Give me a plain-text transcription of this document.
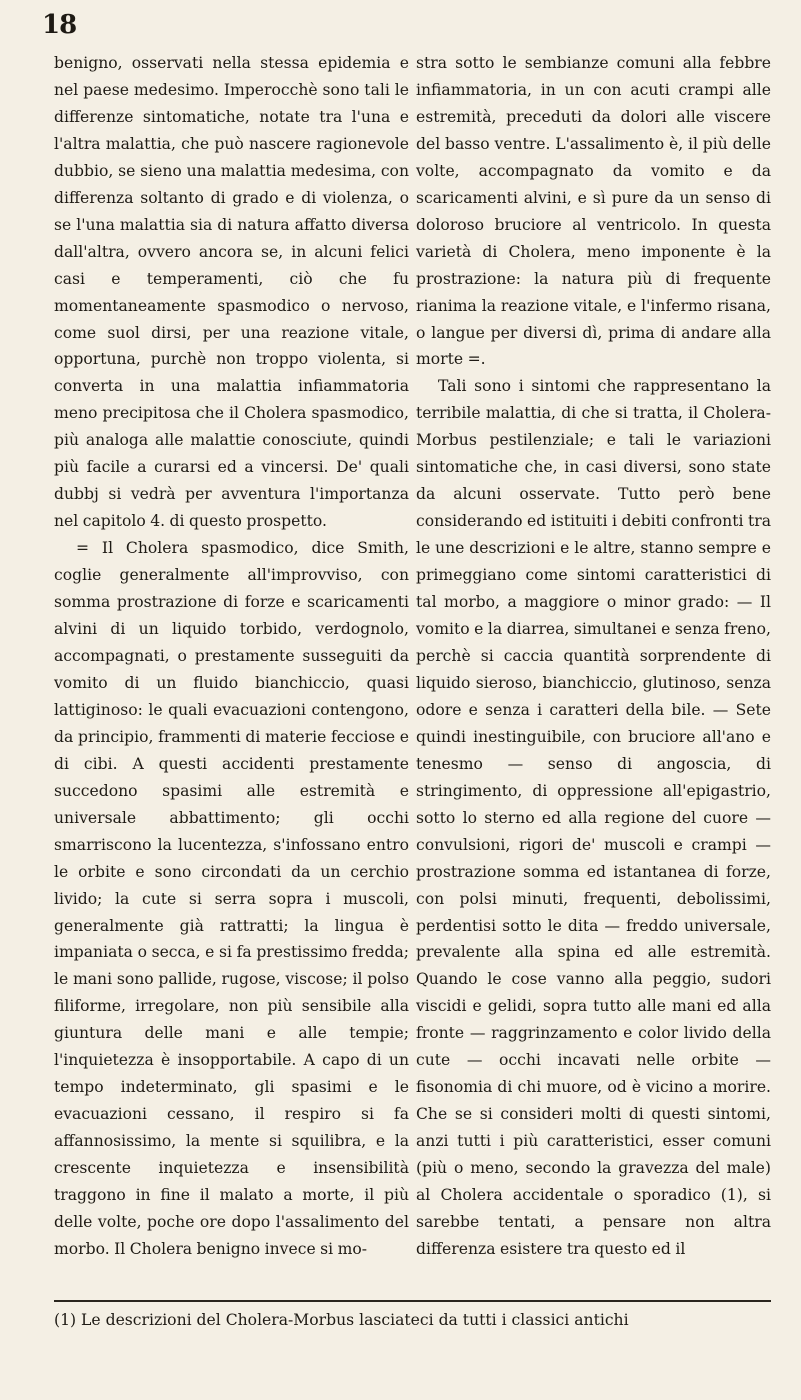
18

benigno, osservati nella stessa epidemia e nel paese medesimo. Imperocchè sono tali le differenze sintomatiche, notate tra l'una e l'altra malattia, che può nascere ragionevole dubbio, se sieno una malattia medesima, con differenza soltanto di grado e di violenza, o se l'una malattia sia di natura affatto diversa dall'altra, ovvero ancora se, in alcuni felici casi e temperamenti, ciò che fu momentaneamente spasmodico o nervoso, come suol dirsi, per una reazione vitale, opportuna, purchè non troppo violenta, si converta in una malattia infiammatoria meno precipitosa che il Cholera spasmodico, più analoga alle malattie conosciute, quindi più facile a curarsi ed a vincersi. De' quali dubbj si vedrà per avventura l'importanza nel capitolo 4. di questo prospetto.

= Il Cholera spasmodico, dice Smith, coglie generalmente all'improvviso, con somma prostrazione di forze e scaricamenti alvini di un liquido torbido, verdognolo, accompagnati, o prestamente susseguiti da vomito di un fluido bianchiccio, quasi lattiginoso: le quali evacuazioni contengono, da principio, frammenti di materie fecciose e di cibi. A questi accidenti prestamente succedono spasimi alle estremità e universale abbattimento; gli occhi smarriscono la lucentezza, s'infossano entro le orbite e sono circondati da un cerchio livido; la cute si serra sopra i muscoli, generalmente già rattratti; la lingua è impaniata o secca, e si fa prestissimo fredda; le mani sono pallide, rugose, viscose; il polso filiforme, irregolare, non più sensibile alla giuntura delle mani e alle tempie; l'inquietezza è insopportabile. A capo di un tempo indeterminato, gli spasimi e le evacuazioni cessano, il respiro si fa affannosissimo, la mente si squilibra, e la crescente inquietezza e insensibilità traggono in fine il malato a morte, il più delle volte, poche ore dopo l'assalimento del morbo. Il Cholera benigno invece si mo-

stra sotto le sembianze comuni alla febbre infiammatoria, in un con acuti crampi alle estremità, preceduti da dolori alle viscere del basso ventre. L'assalimento è, il più delle volte, accompagnato da vomito e da scaricamenti alvini, e sì pure da un senso di doloroso bruciore al ventricolo. In questa varietà di Cholera, meno imponente è la prostrazione: la natura più di frequente rianima la reazione vitale, e l'infermo risana, o langue per diversi dì, prima di andare alla morte =.

Tali sono i sintomi che rappresentano la terribile malattia, di che si tratta, il Cholera-Morbus pestilenziale; e tali le variazioni sintomatiche che, in casi diversi, sono state da alcuni osservate. Tutto però bene considerando ed istituiti i debiti confronti tra le une descrizioni e le altre, stanno sempre e primeggiano come sintomi caratteristici di tal morbo, a maggiore o minor grado: — Il vomito e la diarrea, simultanei e senza freno, perchè si caccia quantità sorprendente di liquido sieroso, bianchiccio, glutinoso, senza odore e senza i caratteri della bile. — Sete quindi inestinguibile, con bruciore all'ano e tenesmo — senso di angoscia, di stringimento, di oppressione all'epigastrio, sotto lo sterno ed alla regione del cuore — convulsioni, rigori de' muscoli e crampi — prostrazione somma ed istantanea di forze, con polsi minuti, frequenti, debolissimi, perdentisi sotto le dita — freddo universale, prevalente alla spina ed alle estremità. Quando le cose vanno alla peggio, sudori viscidi e gelidi, sopra tutto alle mani ed alla fronte — raggrinzamento e color livido della cute — occhi incavati nelle orbite — fisonomia di chi muore, od è vicino a morire. Che se si consideri molti di questi sintomi, anzi tutti i più caratteristici, esser comuni (più o meno, secondo la gravezza del male) al Cholera accidentale o sporadico (1), si sarebbe tentati, a pensare non altra differenza esistere tra questo ed il

(1) Le descrizioni del Cholera-Morbus lasciateci da tutti i classici antichi
